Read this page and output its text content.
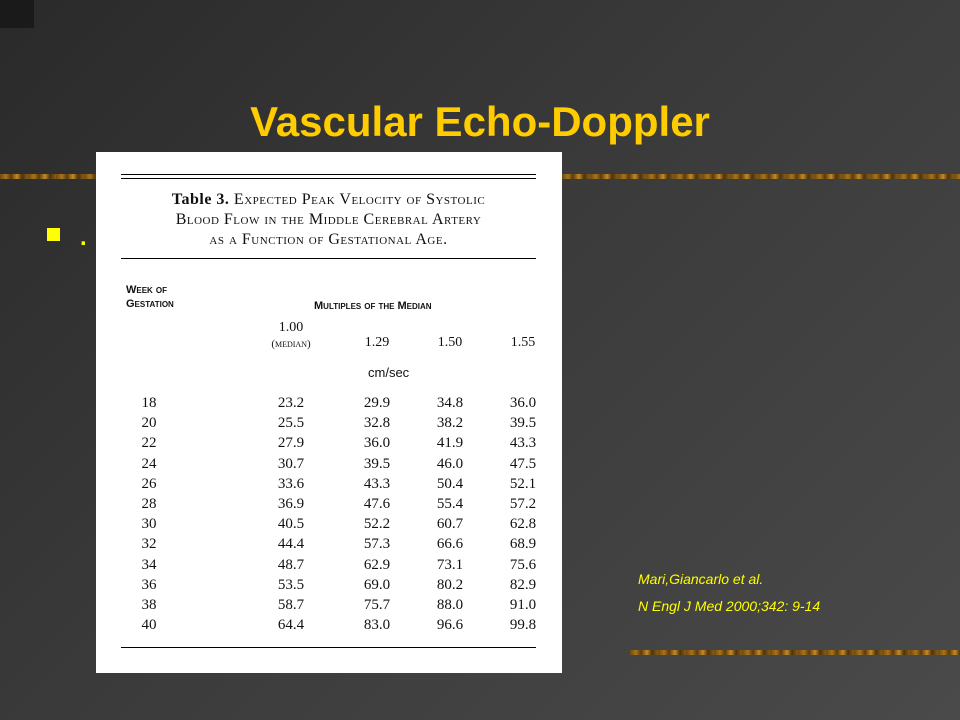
Vascular Echo-Doppler
.
Table 3. Expected Peak Velocity of Systolic
Blood Flow in the Middle Cerebral Artery
as a Function of Gestational Age.
Week of
Gestation	Multiples of the Median
1.00
(median)	1.29	1.50	1.55
cm/sec
18	23.2	29.9	34.8	36.0
20	25.5	32.8	38.2	39.5
22	27.9	36.0	41.9	43.3
24	30.7	39.5	46.0	47.5
26	33.6	43.3	50.4	52.1
28	36.9	47.6	55.4	57.2
30	40.5	52.2	60.7	62.8
32	44.4	57.3	66.6	68.9
34	48.7	62.9	73.1	75.6
36	53.5	69.0	80.2	82.9
38	58.7	75.7	88.0	91.0
40	64.4	83.0	96.6	99.8
Mari,Giancarlo et al.
N Engl J Med 2000;342: 9-14
